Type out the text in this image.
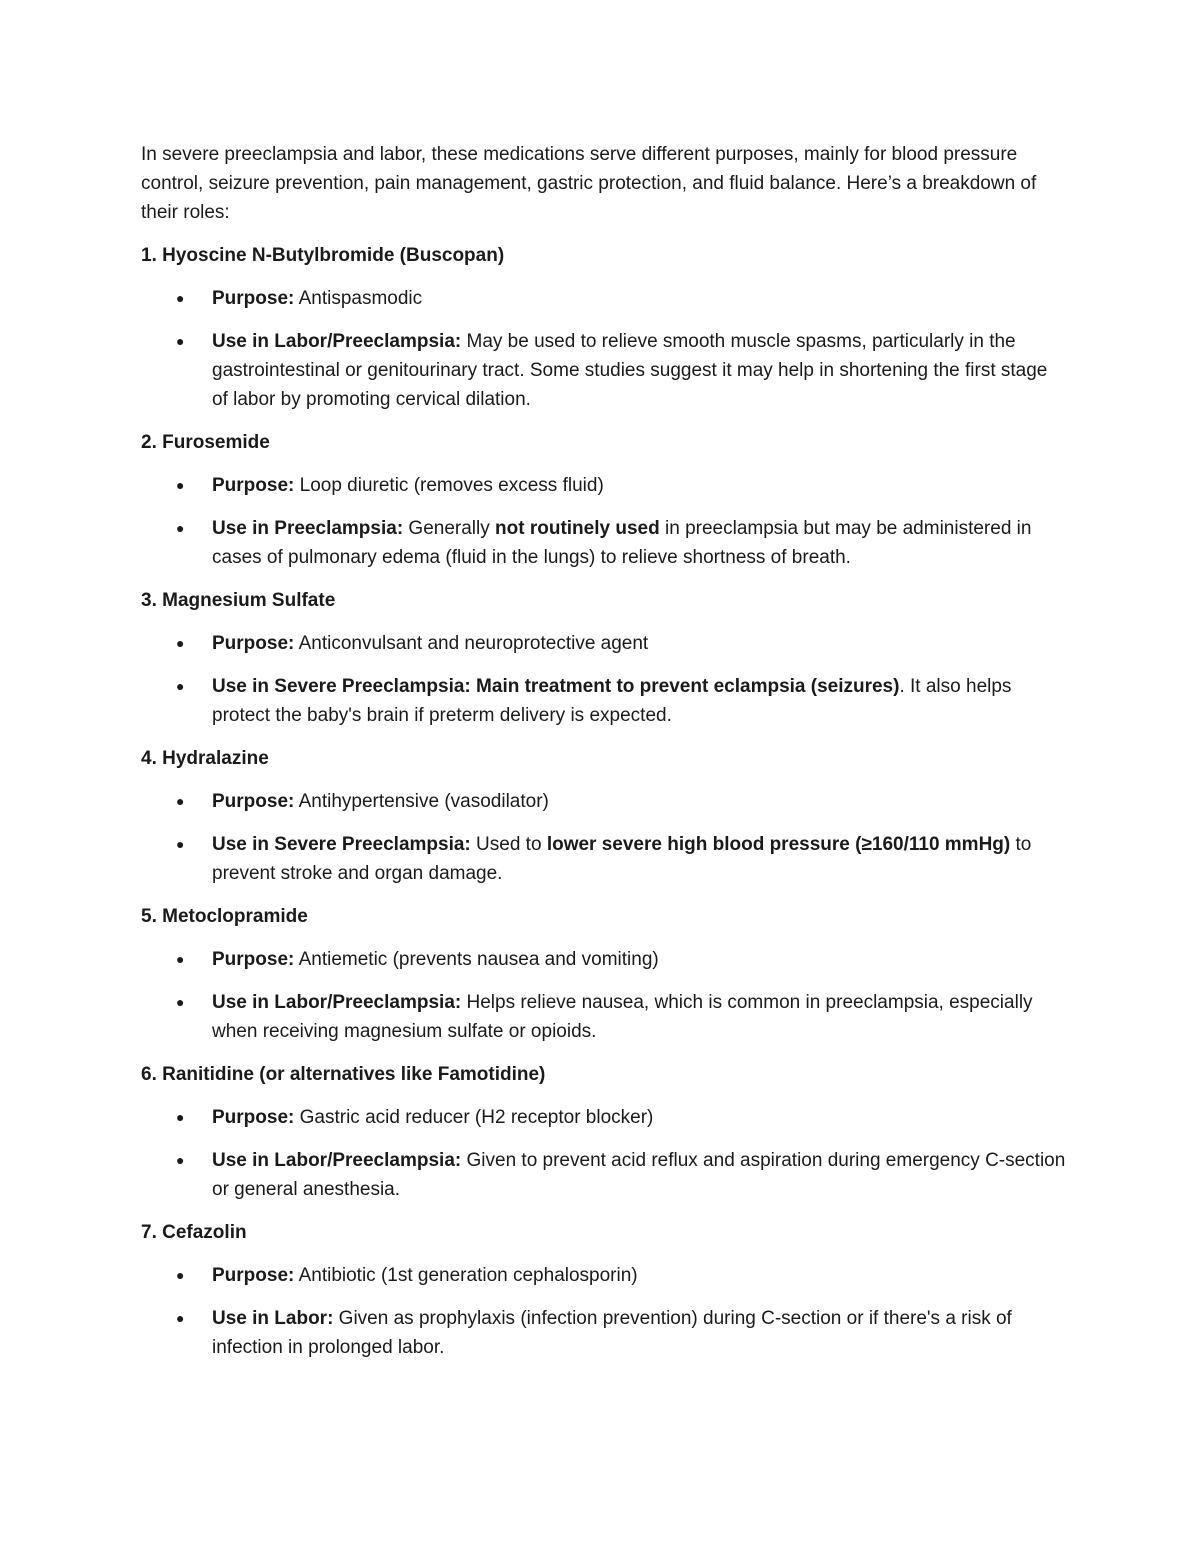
In severe preeclampsia and labor, these medications serve different purposes, mainly for blood pressure control, seizure prevention, pain management, gastric protection, and fluid balance. Here’s a breakdown of their roles:

1. Hyoscine N-Butylbromide (Buscopan)

● Purpose: Antispasmodic
● Use in Labor/Preeclampsia: May be used to relieve smooth muscle spasms, particularly in the gastrointestinal or genitourinary tract. Some studies suggest it may help in shortening the first stage of labor by promoting cervical dilation.

2. Furosemide

● Purpose: Loop diuretic (removes excess fluid)
● Use in Preeclampsia: Generally not routinely used in preeclampsia but may be administered in cases of pulmonary edema (fluid in the lungs) to relieve shortness of breath.

3. Magnesium Sulfate

● Purpose: Anticonvulsant and neuroprotective agent
● Use in Severe Preeclampsia: Main treatment to prevent eclampsia (seizures). It also helps protect the baby's brain if preterm delivery is expected.

4. Hydralazine

● Purpose: Antihypertensive (vasodilator)
● Use in Severe Preeclampsia: Used to lower severe high blood pressure (≥160/110 mmHg) to prevent stroke and organ damage.

5. Metoclopramide

● Purpose: Antiemetic (prevents nausea and vomiting)
● Use in Labor/Preeclampsia: Helps relieve nausea, which is common in preeclampsia, especially when receiving magnesium sulfate or opioids.

6. Ranitidine (or alternatives like Famotidine)

● Purpose: Gastric acid reducer (H2 receptor blocker)
● Use in Labor/Preeclampsia: Given to prevent acid reflux and aspiration during emergency C-section or general anesthesia.

7. Cefazolin

● Purpose: Antibiotic (1st generation cephalosporin)
● Use in Labor: Given as prophylaxis (infection prevention) during C-section or if there's a risk of infection in prolonged labor.
